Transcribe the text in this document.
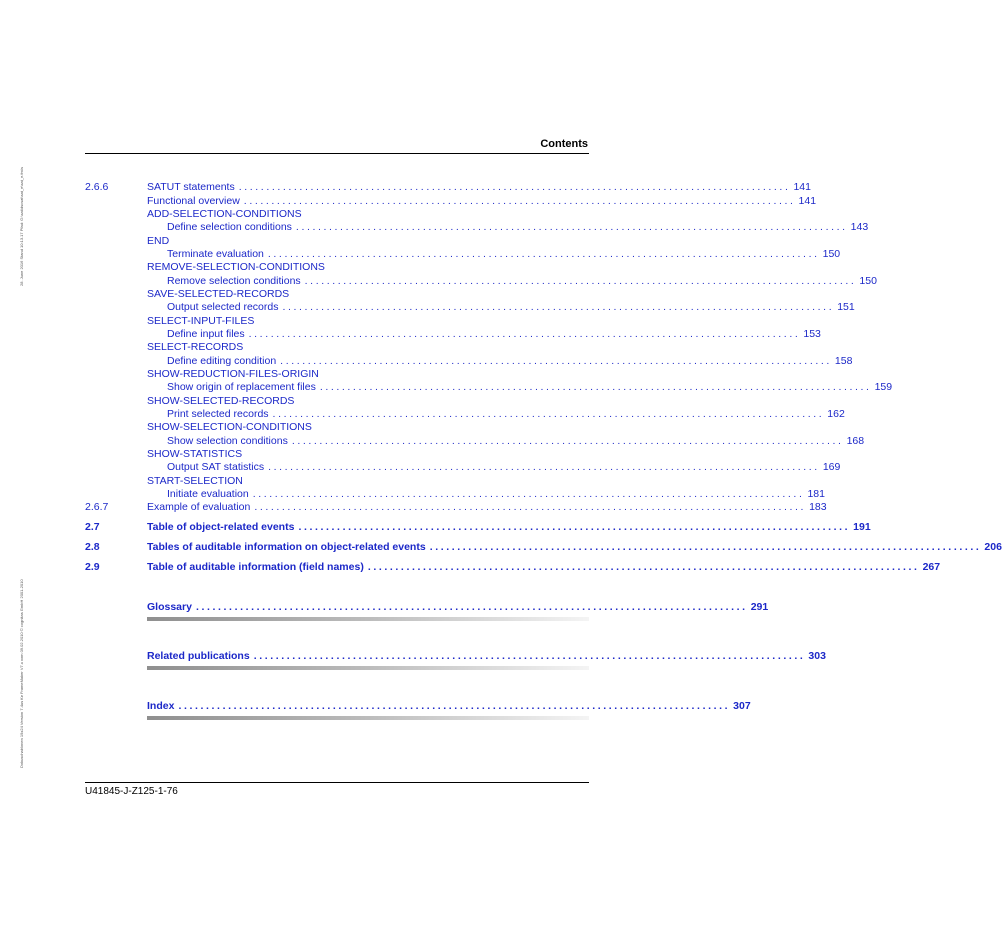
28. June 2016 Stand 10:13.17 Pfad: G:\sat\dscsat\sat_e\sat_e.fm\s
Dokuschablonen 19x24 Version 7.4us für FrameMaker V7.x vom 09.02.2010 © cognitas GmbH 2001-2010
Contents
2.6.6	SATUT statements .................................................................................................... 141
Functional overview .................................................................................................... 141
ADD-SELECTION-CONDITIONS
Define selection conditions .................................................................................................... 143
END
Terminate evaluation .................................................................................................... 150
REMOVE-SELECTION-CONDITIONS
Remove selection conditions .................................................................................................... 150
SAVE-SELECTED-RECORDS
Output selected records .................................................................................................... 151
SELECT-INPUT-FILES
Define input files .................................................................................................... 153
SELECT-RECORDS
Define editing condition .................................................................................................... 158
SHOW-REDUCTION-FILES-ORIGIN
Show origin of replacement files .................................................................................................... 159
SHOW-SELECTED-RECORDS
Print selected records .................................................................................................... 162
SHOW-SELECTION-CONDITIONS
Show selection conditions .................................................................................................... 168
SHOW-STATISTICS
Output SAT statistics .................................................................................................... 169
START-SELECTION
Initiate evaluation .................................................................................................... 181
2.6.7	Example of evaluation .................................................................................................... 183
2.7	Table of object-related events .................................................................................................... 191
2.8	Tables of auditable information on object-related events .................................................................................................... 206
2.9	Table of auditable information (field names) .................................................................................................... 267
Glossary .................................................................................................... 291
Related publications .................................................................................................... 303
Index .................................................................................................... 307
U41845-J-Z125-1-76
